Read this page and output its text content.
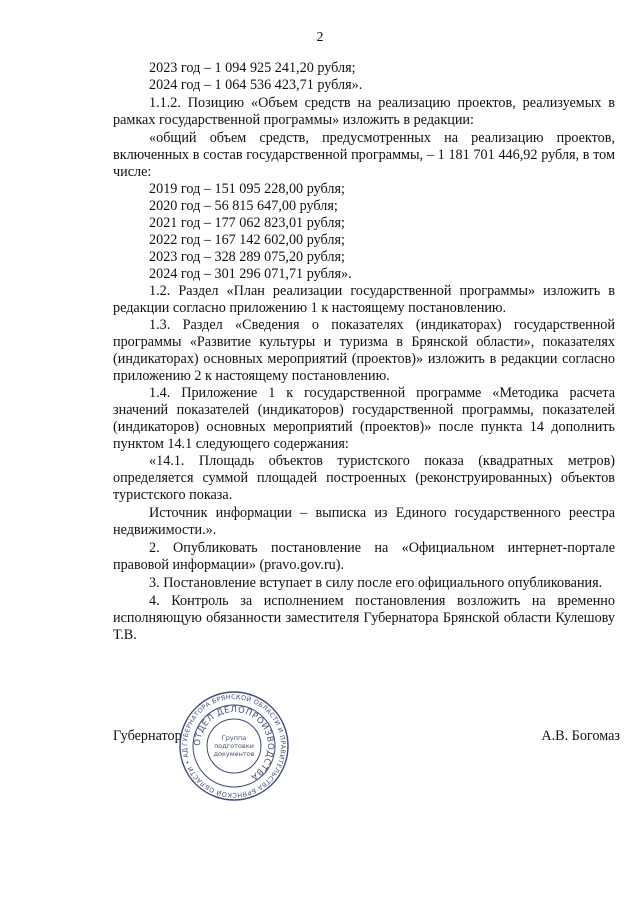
2

2023 год – 1 094 925 241,20 рубля;

2024 год – 1 064 536 423,71 рубля».

1.1.2. Позицию «Объем средств на реализацию проектов, реализуемых в рамках государственной программы» изложить в редакции:

«общий объем средств, предусмотренных на реализацию проектов, включенных в состав государственной программы, – 1 181 701 446,92 рубля, в том числе:

2019 год – 151 095 228,00 рубля;

2020 год – 56 815 647,00 рубля;

2021 год – 177 062 823,01 рубля;

2022 год – 167 142 602,00 рубля;

2023 год – 328 289 075,20 рубля;

2024 год – 301 296 071,71 рубля».

1.2. Раздел «План реализации государственной программы» изложить в редакции согласно приложению 1 к настоящему постановлению.

1.3. Раздел «Сведения о показателях (индикаторах) государственной программы «Развитие культуры и туризма в Брянской области», показателях (индикаторах) основных мероприятий (проектов)» изложить в редакции согласно приложению 2 к настоящему постановлению.

1.4. Приложение 1 к государственной программе «Методика расчета значений показателей (индикаторов) государственной программы, показателей (индикаторов) основных мероприятий (проектов)» после пункта 14 дополнить пунктом 14.1 следующего содержания:

«14.1. Площадь объектов туристского показа (квадратных метров) определяется суммой площадей построенных (реконструированных) объектов туристского показа.

Источник информации – выписка из Единого государственного реестра недвижимости.».

2. Опубликовать постановление на «Официальном интернет-портале правовой информации» (pravo.gov.ru).

3. Постановление вступает в силу после его официального опубликования.

4. Контроль за исполнением постановления возложить на временно исполняющую обязанности заместителя Губернатора Брянской области Кулешову Т.В.

Губернатор	А.В. Богомаз
ГУБЕРНАТОРА БРЯНСКОЙ ОБЛАСТИ И ПРАВИТЕЛЬСТВА БРЯНСКОЙ ОБЛАСТИ • АД
ОТДЕЛ ДЕЛОПРОИЗВОДСТВА
Группа
подготовки
документов
